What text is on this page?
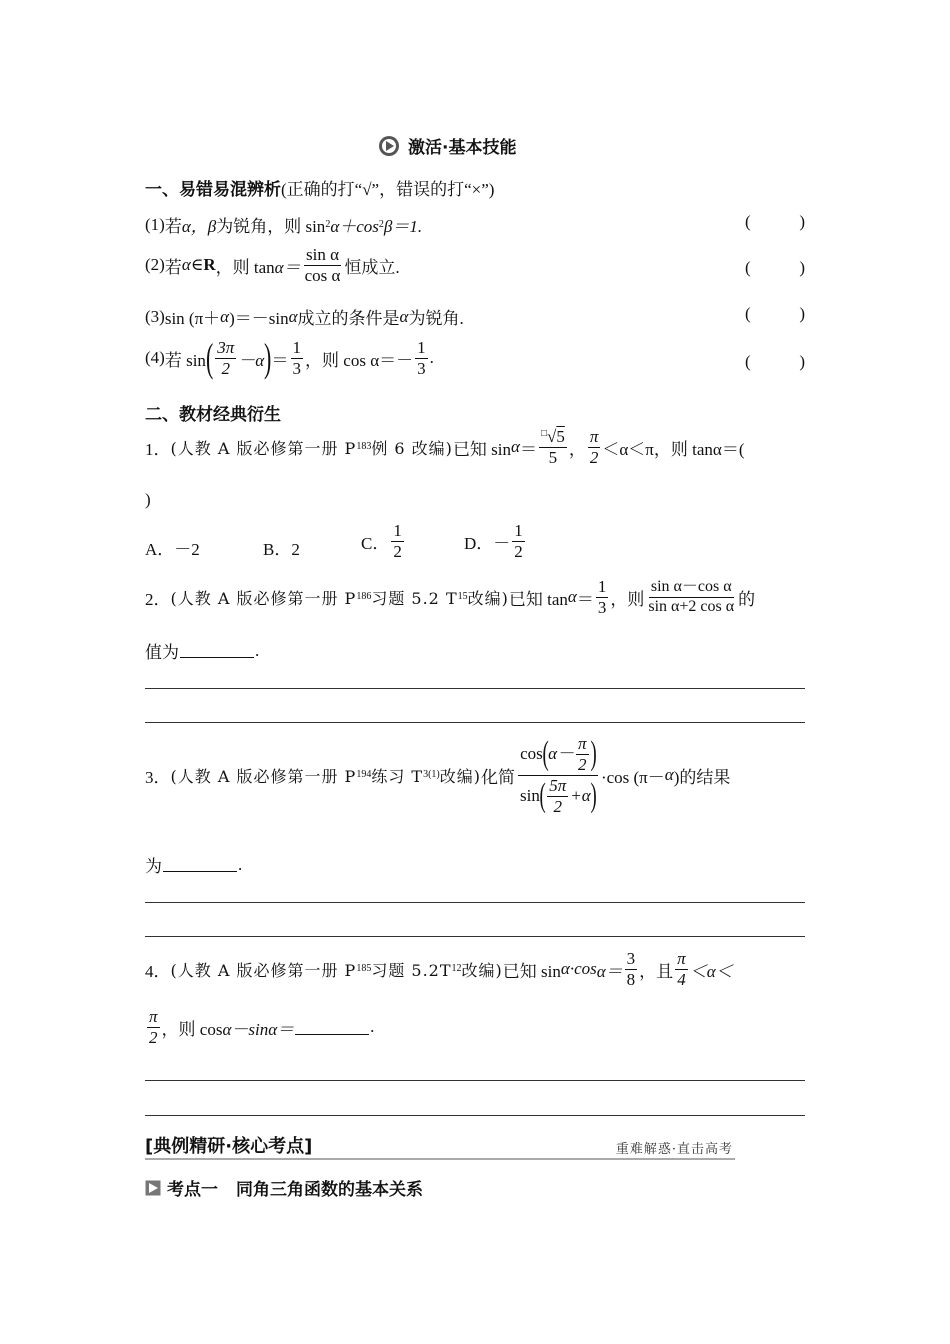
激活·基本技能
一、易错易混辨析 (正确的打“√”，错误的打“×”)
(1) 若 α，β 为锐角，则 sin 2 α＋cos 2 β＝1.	(	)
(2) 若 α ∈ R ，则 $\tan \alpha= \frac{\text{sin α}}{\text{cos α}}$ 恒成立.	(	)
(3) sin (π＋ α )＝－sin α 成立的条件是 α 为锐角.	(	)
(4) 若 sin ( $\frac{3\pi}{2} -\alpha$ ) ＝ $\frac{1}{3}$ ，则 $\cos \alpha=- \frac{1}{3}$ .	(	)
二、教材经典衍生
1． (人教 A 版必修第一册 P 183 例 6 改编) 已知 $\sin \alpha = \frac{^□√5}{5}$ ， $\frac{\pi}{2} <\alpha<\pi$，则 tan α＝(
)
A．－2	B．2	C． $\frac{1}{2}$	D． － $\frac{1}{2}$
2． (人教 A 版必修第一册 P 186 习题 5.2 T 15 改编) 已知 $\tan \alpha = \frac{1}{3}$ ，则 $\frac{\text{sin α－cos α}}{\text{sin α+2 cos α}}$ 的
值为	.
3． (人教 A 版必修第一册 P 194 练习 T 3(1) 改编) 化简 $\frac{\cos ( \alpha- \frac{\pi}{2} )}{\sin ( \frac{5\pi}{2} +\alpha )} \cdot\cos$ (π－ α )的结果
为	.
4． (人教 A 版必修第一册 P 185 习题 5.2T 12 改编) 已知 sin α·cos $\alpha= \frac{3}{8}$ ，且 $\frac{\pi}{4} <\alpha<$
$\frac{\pi}{2}$ ，则 cos α－sin α＝	.
[典例精研·核心考点]	重难解惑·直击高考
考点一 同角三角函数的基本关系
